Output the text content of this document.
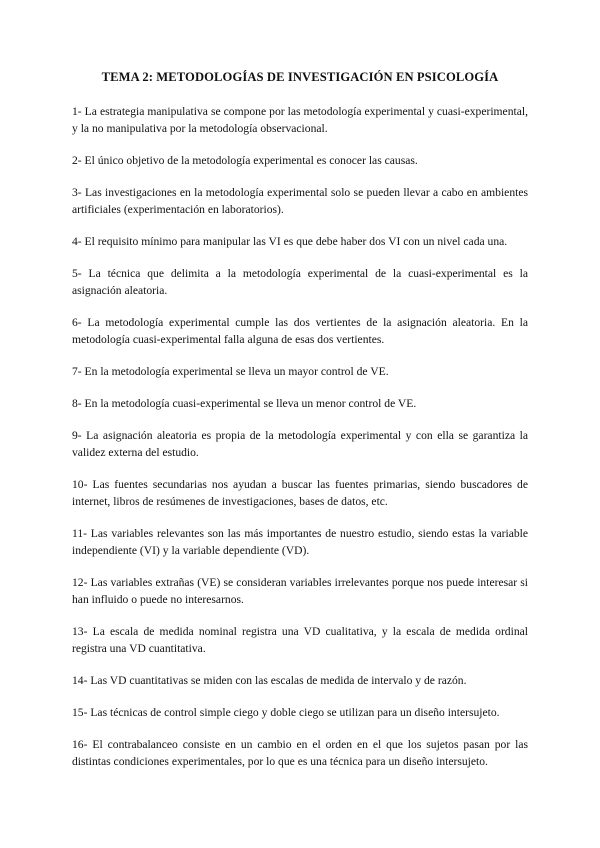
TEMA 2: METODOLOGÍAS DE INVESTIGACIÓN EN PSICOLOGÍA

1- La estrategia manipulativa se compone por las metodología experimental y cuasi-experimental, y la no manipulativa por la metodología observacional.

2- El único objetivo de la metodología experimental es conocer las causas.

3- Las investigaciones en la metodología experimental solo se pueden llevar a cabo en ambientes artificiales (experimentación en laboratorios).

4- El requisito mínimo para manipular las VI es que debe haber dos VI con un nivel cada una.

5- La técnica que delimita a la metodología experimental de la cuasi-experimental es la asignación aleatoria.

6- La metodología experimental cumple las dos vertientes de la asignación aleatoria. En la metodología cuasi-experimental falla alguna de esas dos vertientes.

7- En la metodología experimental se lleva un mayor control de VE.

8- En la metodología cuasi-experimental se lleva un menor control de VE.

9- La asignación aleatoria es propia de la metodología experimental y con ella se garantiza la validez externa del estudio.

10- Las fuentes secundarias nos ayudan a buscar las fuentes primarias, siendo buscadores de internet, libros de resúmenes de investigaciones, bases de datos, etc.

11- Las variables relevantes son las más importantes de nuestro estudio, siendo estas la variable independiente (VI) y la variable dependiente (VD).

12- Las variables extrañas (VE) se consideran variables irrelevantes porque nos puede interesar si han influido o puede no interesarnos.

13- La escala de medida nominal registra una VD cualitativa, y la escala de medida ordinal registra una VD cuantitativa.

14- Las VD cuantitativas se miden con las escalas de medida de intervalo y de razón.

15- Las técnicas de control simple ciego y doble ciego se utilizan para un diseño intersujeto.

16- El contrabalanceo consiste en un cambio en el orden en el que los sujetos pasan por las distintas condiciones experimentales, por lo que es una técnica para un diseño intersujeto.
